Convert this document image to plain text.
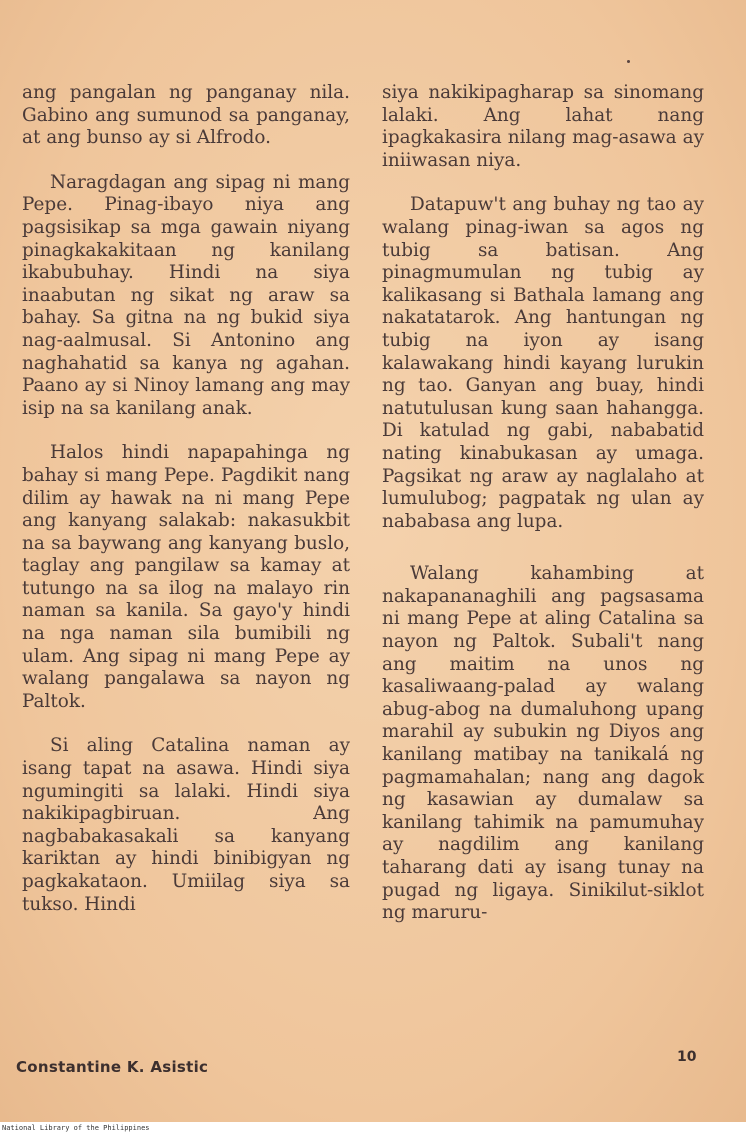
ang pangalan ng panganay nila. Gabino ang sumunod sa panganay, at ang bunso ay si Alfrodo.

Naragdagan ang sipag ni mang Pepe. Pinag-ibayo niya ang pagsisikap sa mga gawain niyang pinagkakakitaan ng kanilang ikabubuhay. Hindi na siya inaabutan ng sikat ng araw sa bahay. Sa gitna na ng bukid siya nag-aalmusal. Si Antonino ang naghahatid sa kanya ng agahan. Paano ay si Ninoy lamang ang may isip na sa kanilang anak.

Halos hindi napapahinga ng bahay si mang Pepe. Pagdikit nang dilim ay hawak na ni mang Pepe ang kanyang salakab: nakasukbit na sa baywang ang kanyang buslo, taglay ang pangilaw sa kamay at tutungo na sa ilog na malayo rin naman sa kanila. Sa gayo'y hindi na nga naman sila bumibili ng ulam. Ang sipag ni mang Pepe ay walang pangalawa sa nayon ng Paltok.

Si aling Catalina naman ay isang tapat na asawa. Hindi siya ngumingiti sa lalaki. Hindi siya nakikipagbiruan. Ang nagbabakasakali sa kanyang kariktan ay hindi binibigyan ng pagkakataon. Umiilag siya sa tukso. Hindi

siya nakikipagharap sa sinomang lalaki. Ang lahat nang ipagkakasira nilang mag-asawa ay iniiwasan niya.

Datapuw't ang buhay ng tao ay walang pinag-iwan sa agos ng tubig sa batisan. Ang pinagmumulan ng tubig ay kalikasang si Bathala lamang ang nakatatarok. Ang hantungan ng tubig na iyon ay isang kalawakang hindi kayang lurukin ng tao. Ganyan ang buay, hindi natutulusan kung saan hahangga. Di katulad ng gabi, nababatid nating kinabukasan ay umaga. Pagsikat ng araw ay naglalaho at lumulubog; pagpatak ng ulan ay nababasa ang lupa.

Walang kahambing at nakapananaghili ang pagsasama ni mang Pepe at aling Catalina sa nayon ng Paltok. Subali't nang ang maitim na unos ng kasaliwaang-palad ay walang abug-abog na dumaluhong upang marahil ay subukin ng Diyos ang kanilang matibay na tanikalá ng pagmamahalan; nang ang dagok ng kasawian ay dumalaw sa kanilang tahimik na pamumuhay ay nagdilim ang kanilang taharang dati ay isang tunay na pugad ng ligaya. Sinikilut-siklot ng maruru-

Constantine K. Asistic
10
National Library of the Philippines
